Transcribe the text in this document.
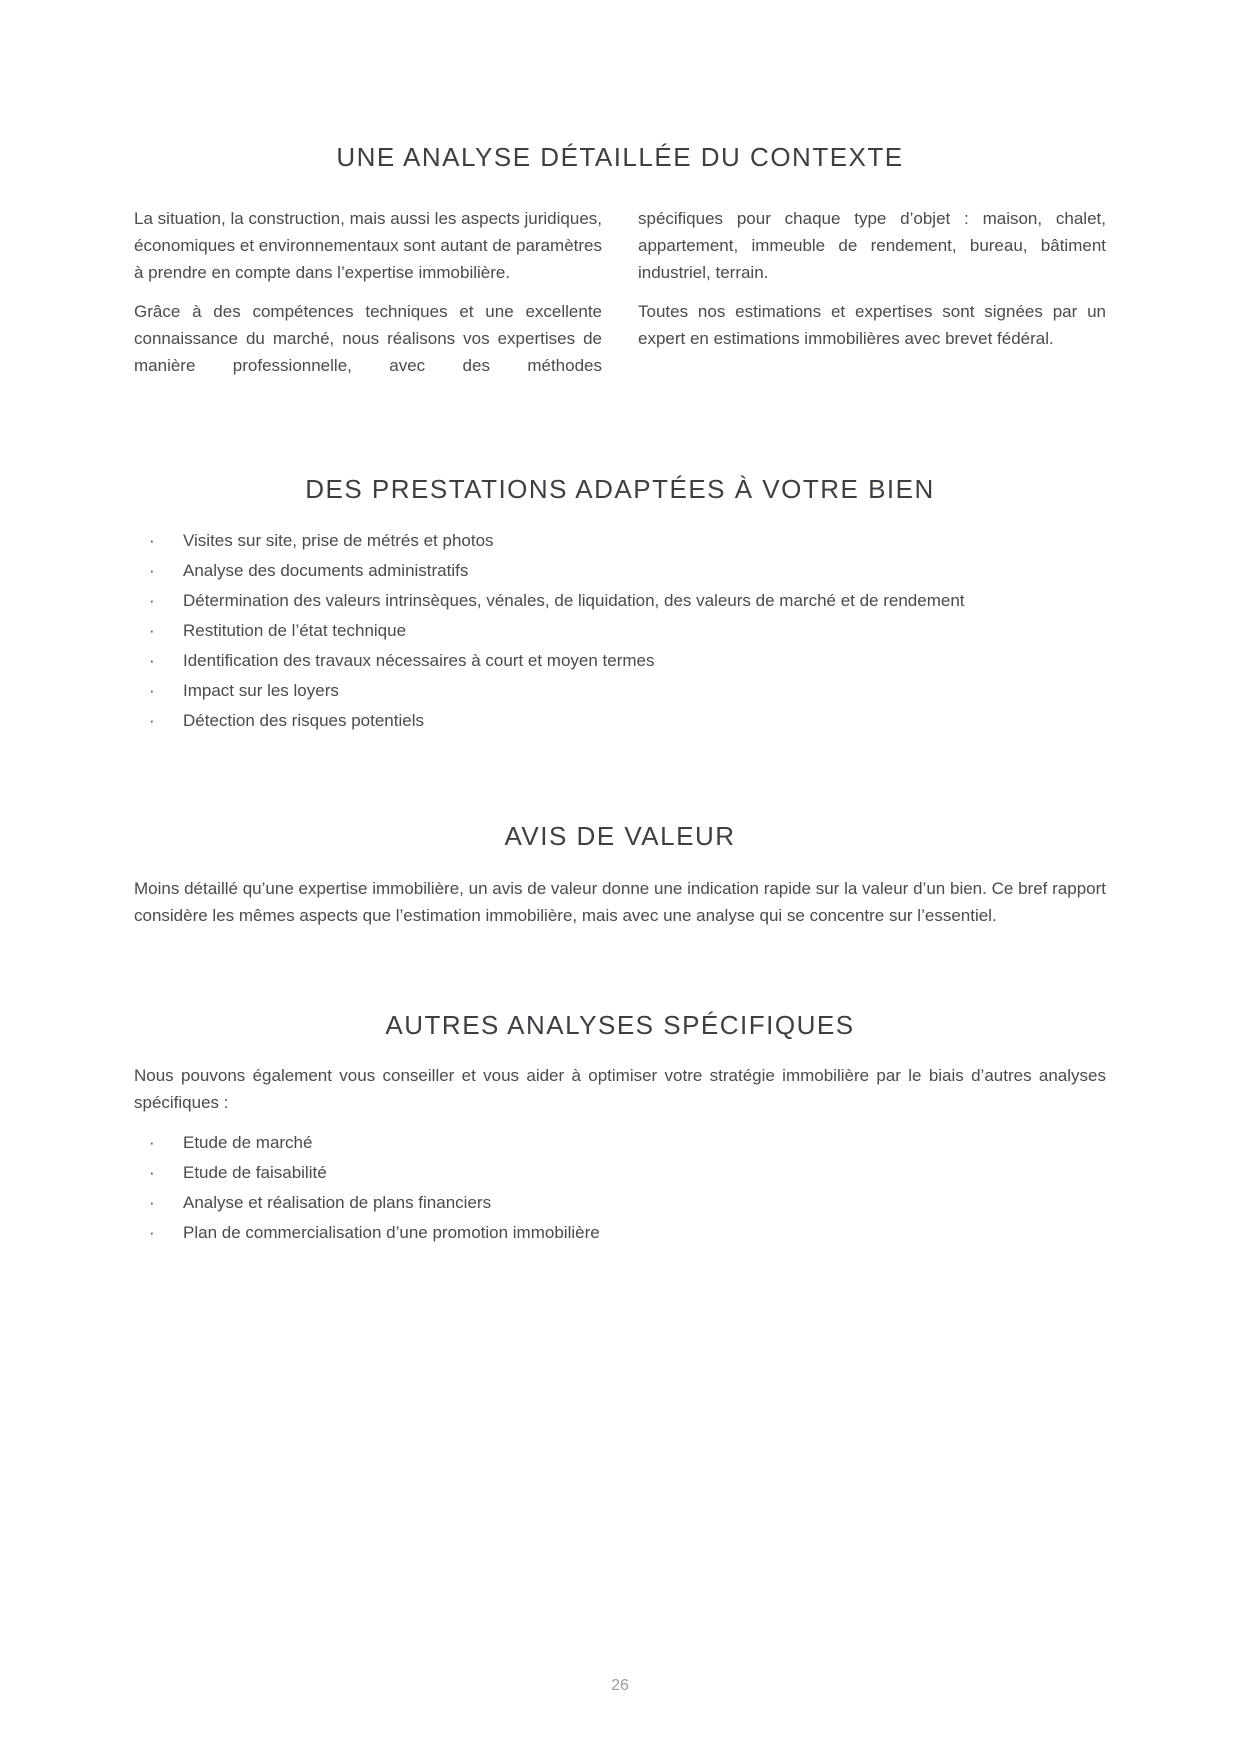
UNE ANALYSE DÉTAILLÉE DU CONTEXTE

La situation, la construction, mais aussi les aspects juridiques, économiques et environnementaux sont autant de paramètres à prendre en compte dans l’expertise immobilière.

Grâce à des compétences techniques et une excellente connaissance du marché, nous réalisons vos expertises de manière professionnelle, avec des méthodes

spécifiques pour chaque type d’objet : maison, chalet, appartement, immeuble de rendement, bureau, bâtiment industriel, terrain.

Toutes nos estimations et expertises sont signées par un expert en estimations immobilières avec brevet fédéral.

DES PRESTATIONS ADAPTÉES À VOTRE BIEN
· Visites sur site, prise de métrés et photos
· Analyse des documents administratifs
· Détermination des valeurs intrinsèques, vénales, de liquidation, des valeurs de marché et de rendement
· Restitution de l’état technique
· Identification des travaux nécessaires à court et moyen termes
· Impact sur les loyers
· Détection des risques potentiels
AVIS DE VALEUR

Moins détaillé qu’une expertise immobilière, un avis de valeur donne une indication rapide sur la valeur d’un bien. Ce bref rapport considère les mêmes aspects que l’estimation immobilière, mais avec une analyse qui se concentre sur l’essentiel.

AUTRES ANALYSES SPÉCIFIQUES

Nous pouvons également vous conseiller et vous aider à optimiser votre stratégie immobilière par le biais d’autres analyses spécifiques :

· Etude de marché
· Etude de faisabilité
· Analyse et réalisation de plans financiers
· Plan de commercialisation d’une promotion immobilière
26
